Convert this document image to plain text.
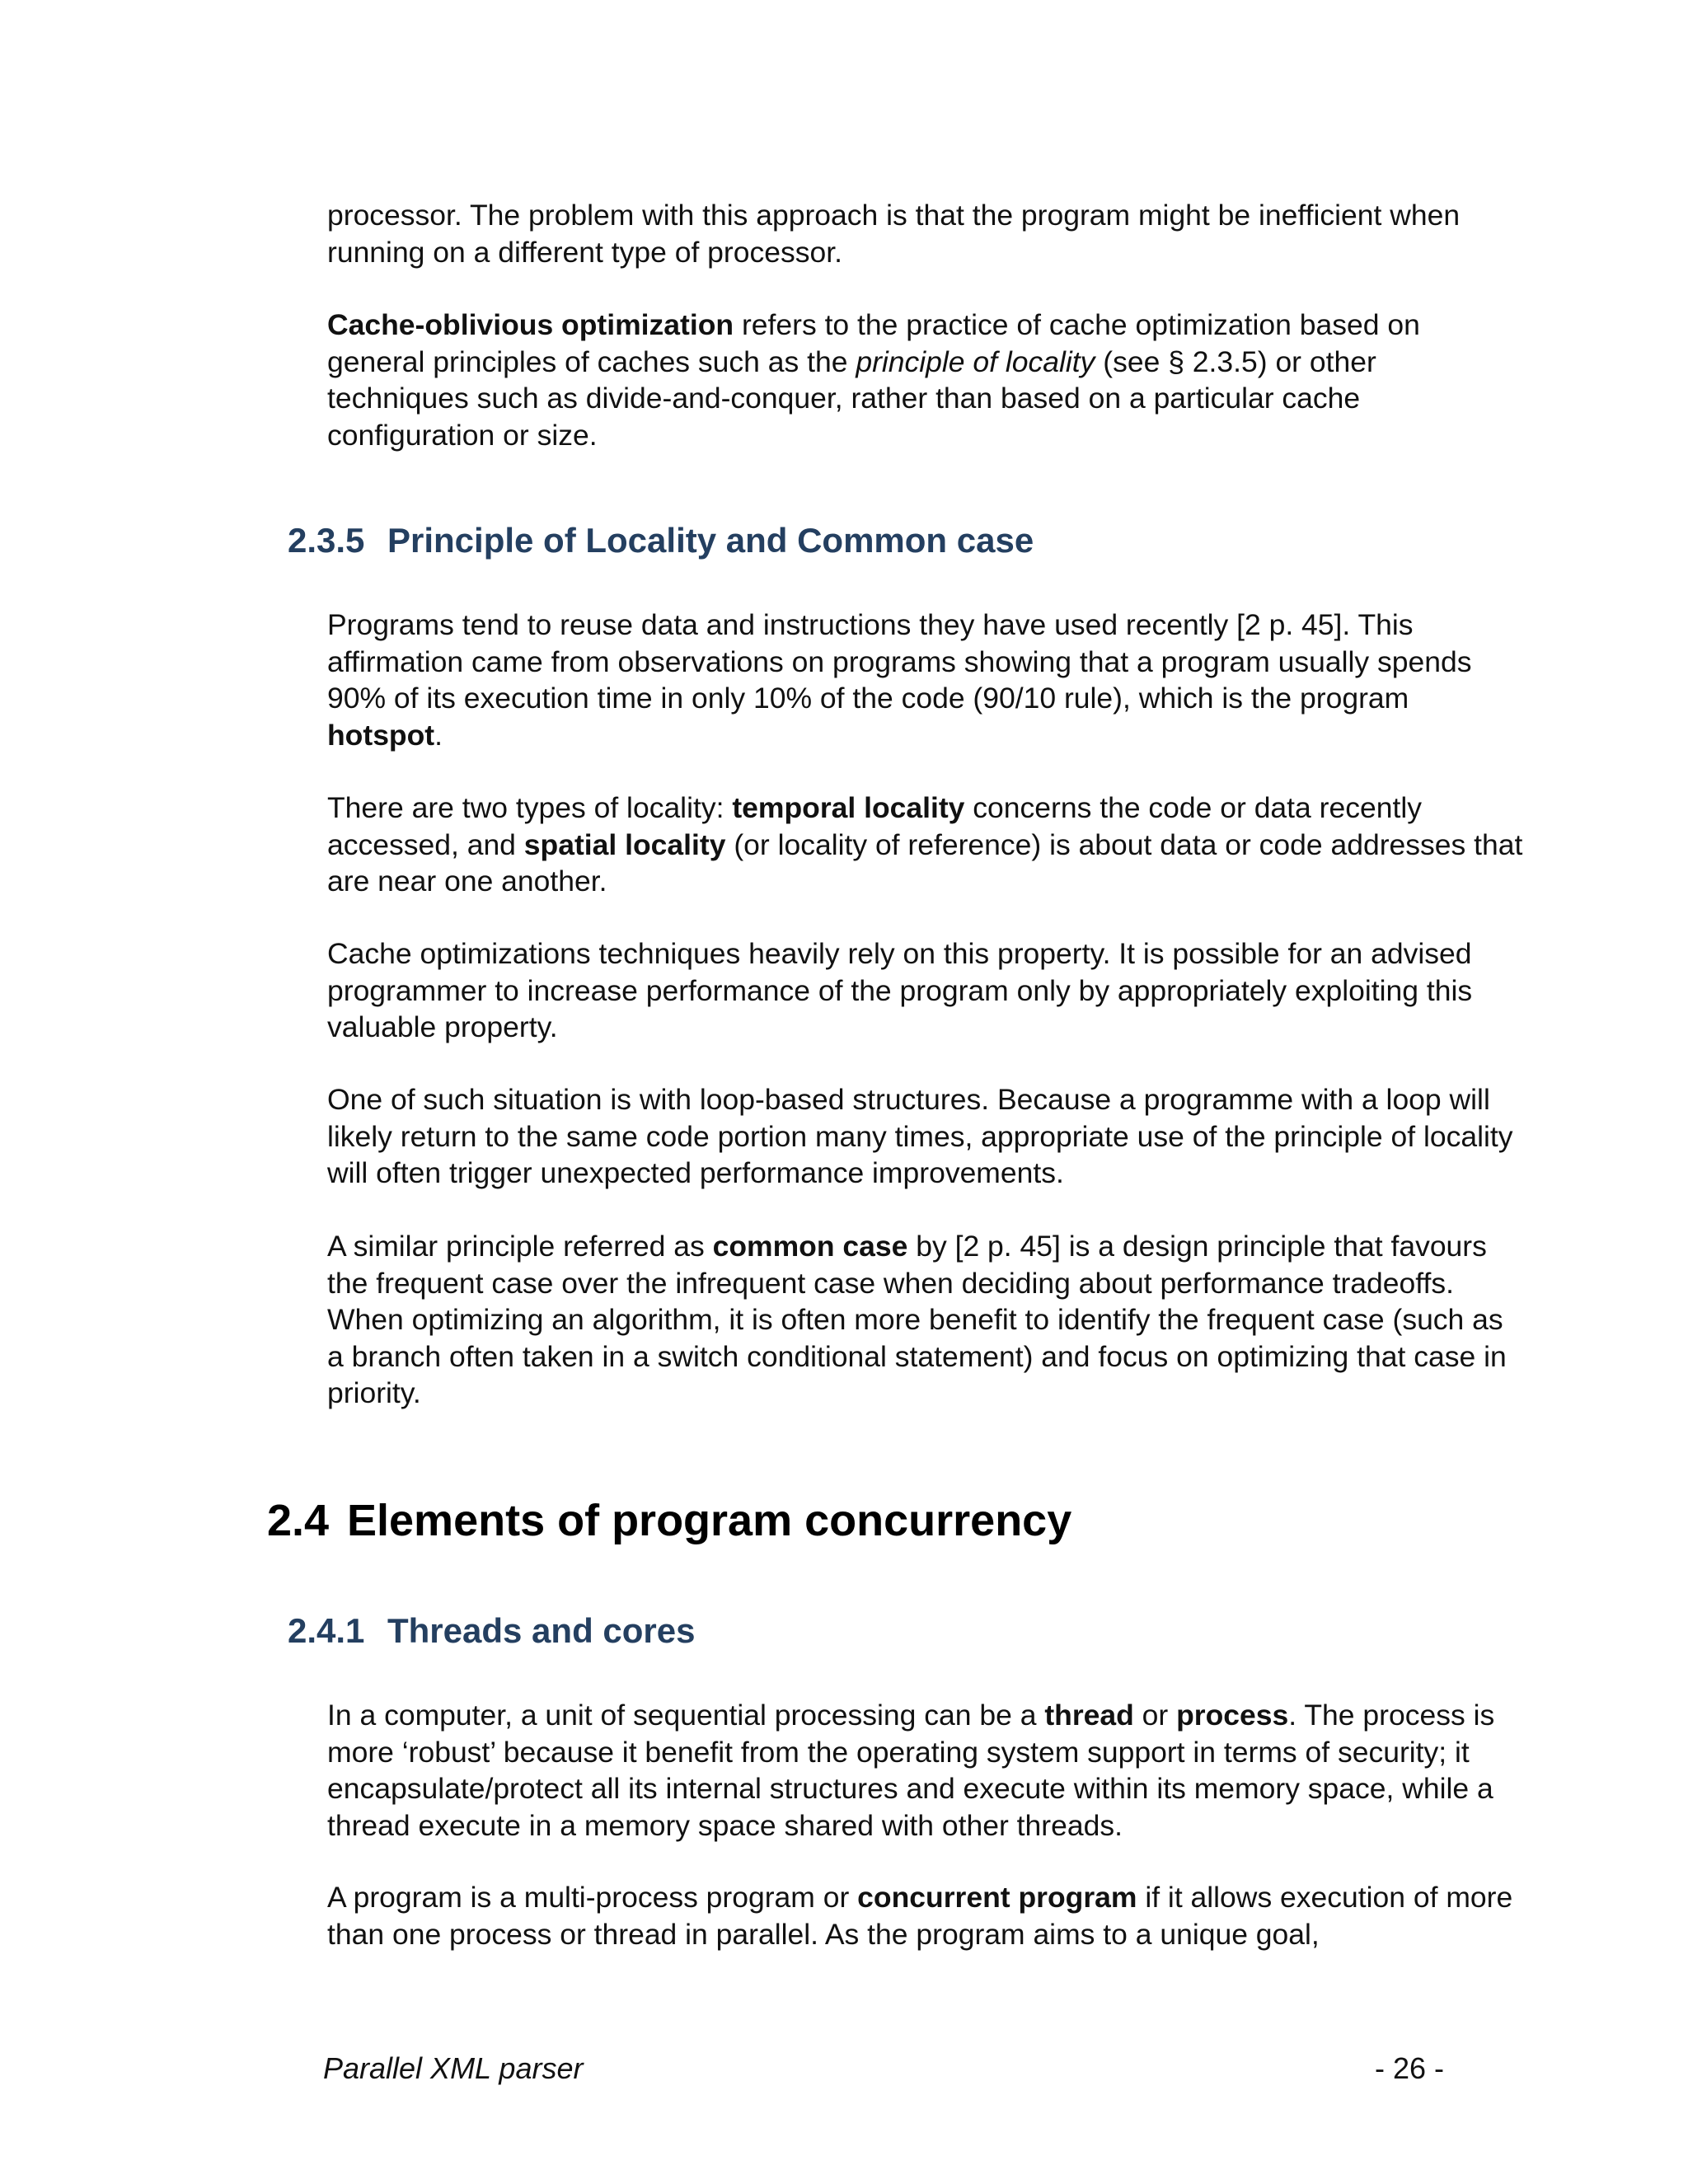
processor. The problem with this approach is that the program might be inefficient when
running on a different type of processor.

Cache-oblivious optimization refers to the practice of cache optimization based on general principles of caches such as the principle of locality (see § 2.3.5) or other techniques such as divide-and-conquer, rather than based on a particular cache configuration or size.

2.3.5 Principle of Locality and Common case

Programs tend to reuse data and instructions they have used recently [2 p. 45]. This affirmation came from observations on programs showing that a program usually spends 90% of its execution time in only 10% of the code (90/10 rule), which is the program hotspot.

There are two types of locality: temporal locality concerns the code or data recently accessed, and spatial locality (or locality of reference) is about data or code addresses that are near one another.

Cache optimizations techniques heavily rely on this property. It is possible for an advised programmer to increase performance of the program only by appropriately exploiting this valuable property.

One of such situation is with loop-based structures. Because a programme with a loop will likely return to the same code portion many times, appropriate use of the principle of locality will often trigger unexpected performance improvements.

A similar principle referred as common case by [2 p. 45] is a design principle that favours the frequent case over the infrequent case when deciding about performance tradeoffs. When optimizing an algorithm, it is often more benefit to identify the frequent case (such as a branch often taken in a switch conditional statement) and focus on optimizing that case in priority.

2.4 Elements of program concurrency
2.4.1 Threads and cores

In a computer, a unit of sequential processing can be a thread or process. The process is more ‘robust’ because it benefit from the operating system support in terms of security; it encapsulate/protect all its internal structures and execute within its memory space, while a thread execute in a memory space shared with other threads.

A program is a multi-process program or concurrent program if it allows execution of more than one process or thread in parallel. As the program aims to a unique goal,

Parallel XML parser	- 26 -
